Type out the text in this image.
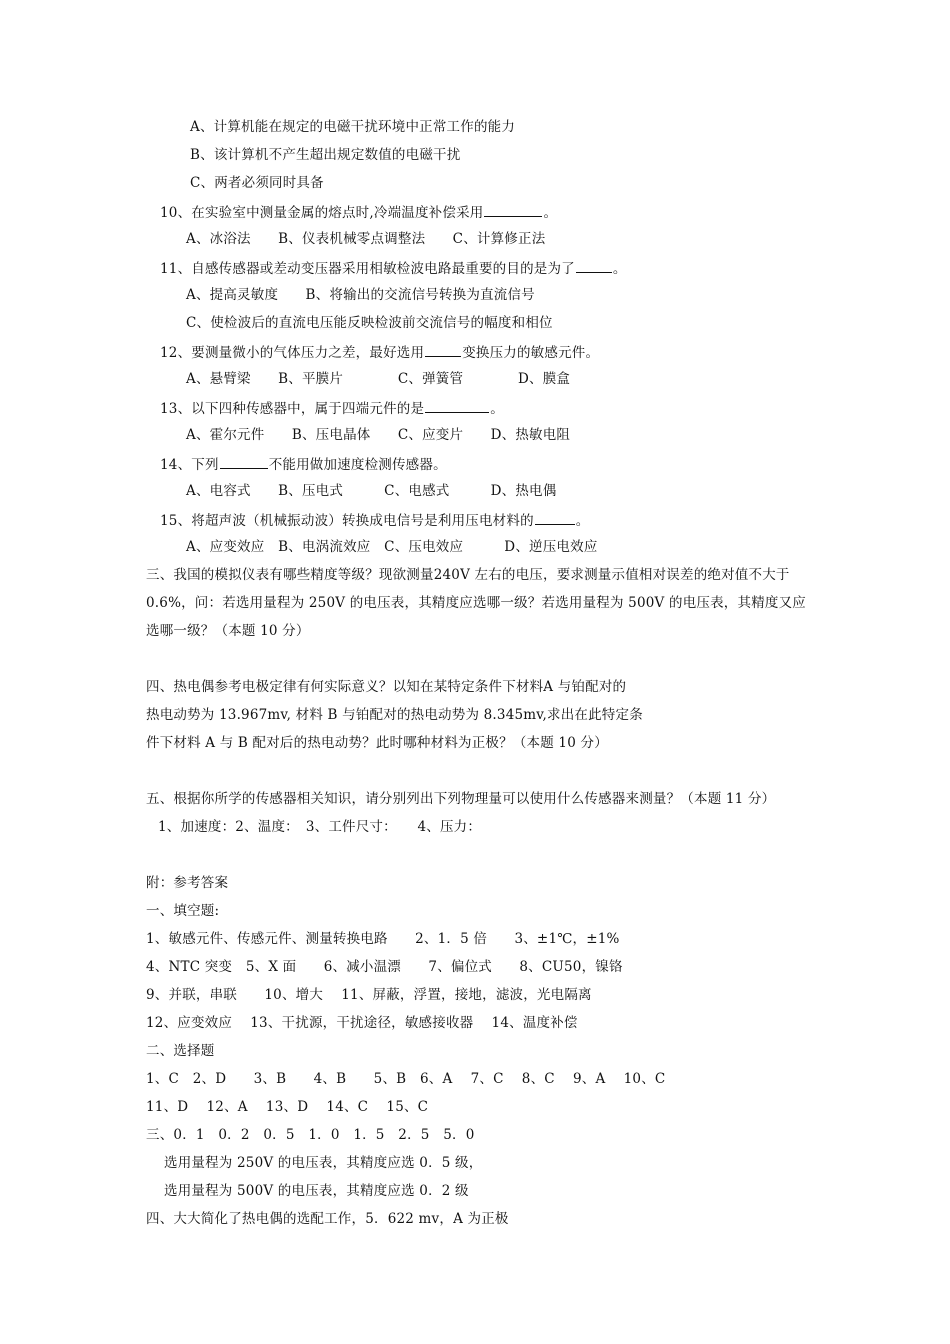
A、计算机能在规定的电磁干扰环境中正常工作的能力
B、该计算机不产生超出规定数值的电磁干扰
C、两者必须同时具备
10、在实验室中测量金属的熔点时,冷端温度补偿采用	。
A、冰浴法　　B、仪表机械零点调整法　　C、计算修正法
11、自感传感器或差动变压器采用相敏检波电路最重要的目的是为了	。
A、提高灵敏度　　B、将输出的交流信号转换为直流信号
C、使检波后的直流电压能反映检波前交流信号的幅度和相位
12、要测量微小的气体压力之差，最好选用	变换压力的敏感元件。
A、悬臂梁　　B、平膜片　　　　C、弹簧管　　　　D、膜盒
13、以下四种传感器中，属于四端元件的是	。
A、霍尔元件　　B、压电晶体　　C、应变片　　D、热敏电阻
14、下列	不能用做加速度检测传感器。
A、电容式　　B、压电式　　　C、电感式　　　D、热电偶
15、将超声波（机械振动波）转换成电信号是利用压电材料的	。
A、应变效应　B、电涡流效应　C、压电效应　　　D、逆压电效应
三、我国的模拟仪表有哪些精度等级？现欲测量240V 左右的电压，要求测量示值相对误差的绝对值不大于
0.6%，问：若选用量程为 250V 的电压表，其精度应选哪一级？若选用量程为 500V 的电压表，其精度又应
选哪一级？（本题 10 分）
四、热电偶参考电极定律有何实际意义？以知在某特定条件下材料A 与铂配对的
热电动势为 13.967mv, 材料 B 与铂配对的热电动势为 8.345mv,求出在此特定条
件下材料 A 与 B 配对后的热电动势？此时哪种材料为正极？（本题 10 分）
五、根据你所学的传感器相关知识，请分别列出下列物理量可以使用什么传感器来测量？（本题 11 分）
1、加速度：2、温度：　3、工件尺寸：　　4、压力：
附：参考答案
一、填空题:
1、敏感元件、传感元件、测量转换电路　　2、1．5 倍　　3、±1℃，±1%
4、NTC 突变　5、X 面　　6、减小温漂　　7、偏位式　　8、CU50，镍铬
9、并联，串联　　10、增大　 11、屏蔽，浮置，接地，滤波，光电隔离
12、应变效应　 13、干扰源，干扰途径，敏感接收器　 14、温度补偿
二、选择题
1、C　2、D　　3、B　　4、B　　5、B　6、A　 7、C　 8、C　 9、A　 10、C
11、D　 12、A　 13、D　 14、C　 15、C
三、0．1　0．2　0．5　1．0　1．5　2．5　5．0
选用量程为 250V 的电压表，其精度应选 0．5 级，
选用量程为 500V 的电压表，其精度应选 0．2 级
四、大大简化了热电偶的选配工作，5．622 mv，A 为正极
